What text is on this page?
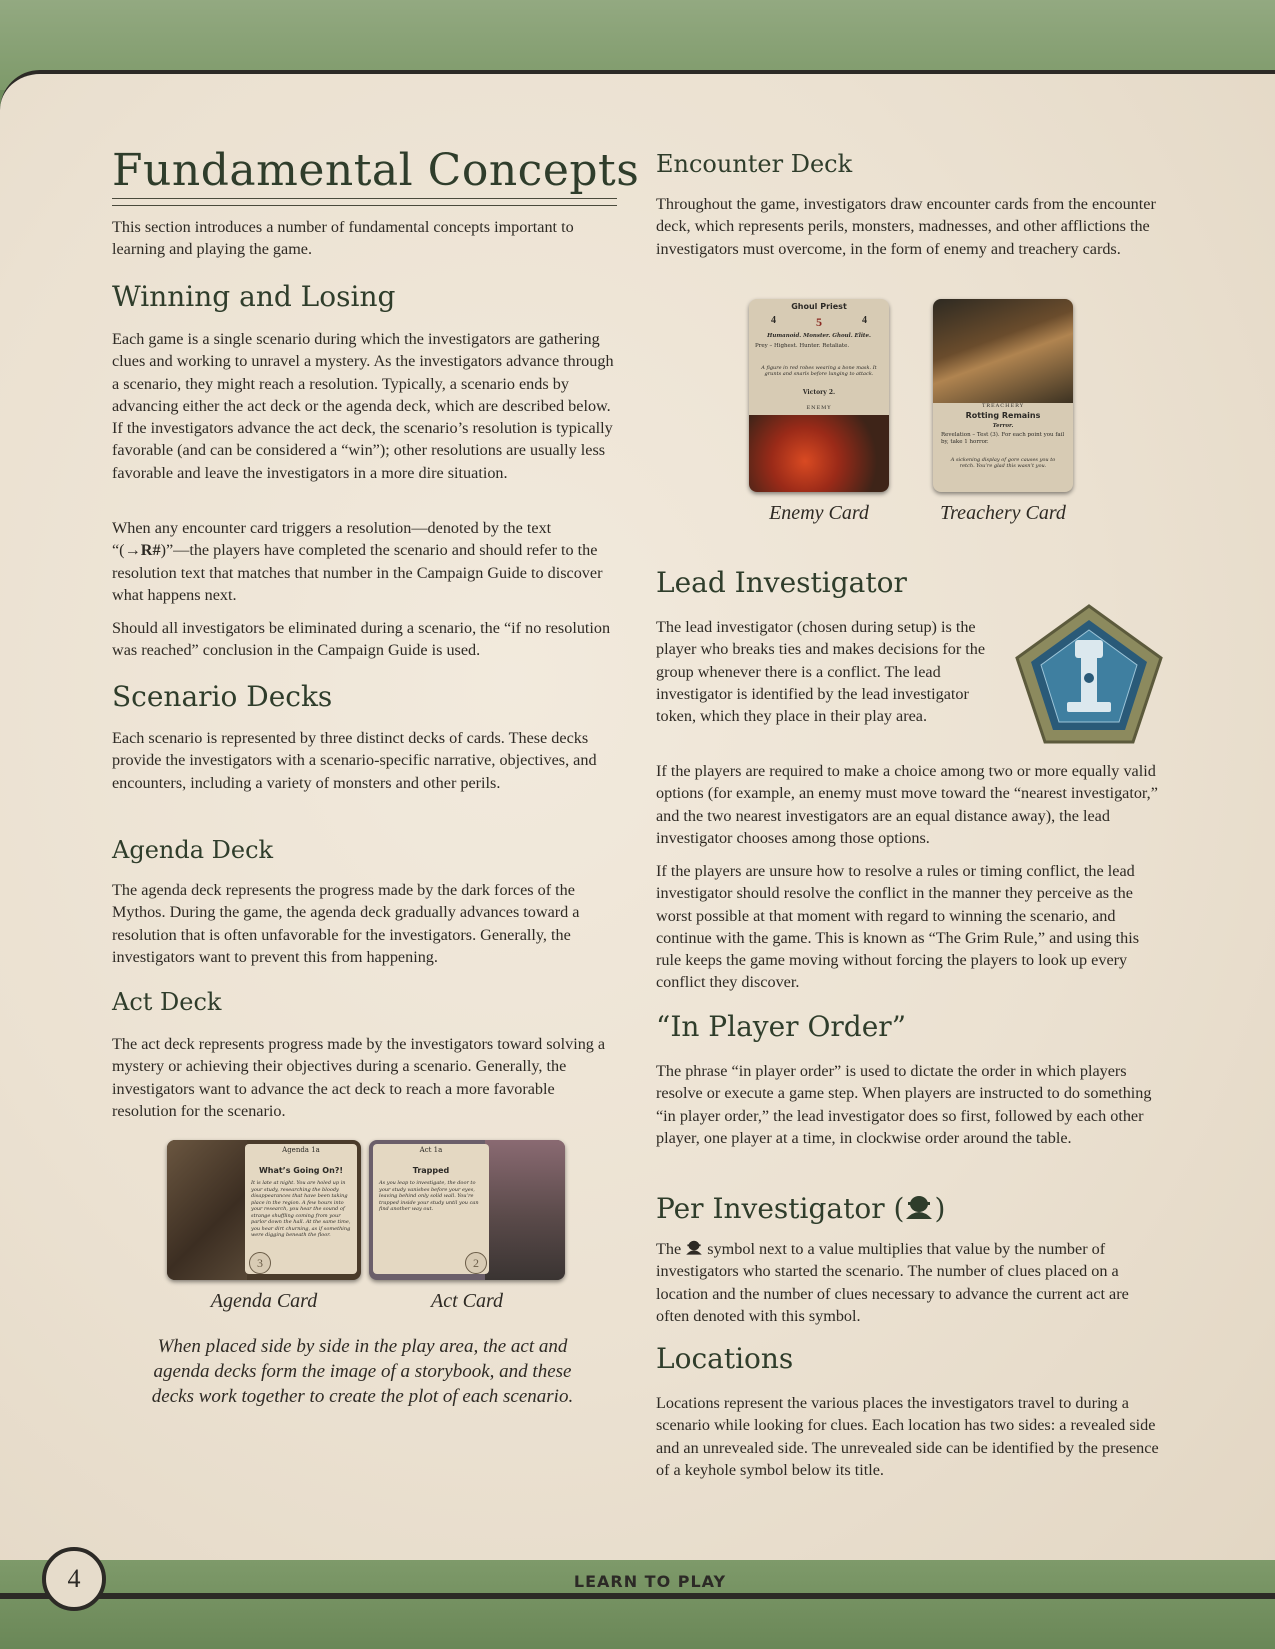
Fundamental Concepts

This section introduces a number of fundamental concepts important to learning and playing the game.

Winning and Losing

Each game is a single scenario during which the investigators are gathering clues and working to unravel a mystery. As the investigators advance through a scenario, they might reach a resolution. Typically, a scenario ends by advancing either the act deck or the agenda deck, which are described below. If the investigators advance the act deck, the scenario’s resolution is typically favorable (and can be considered a “win”); other resolutions are usually less favorable and leave the investigators in a more dire situation.

When any encounter card triggers a resolution—denoted by the text “(→R#)”—the players have completed the scenario and should refer to the resolution text that matches that number in the Campaign Guide to discover what happens next.

Should all investigators be eliminated during a scenario, the “if no resolution was reached” conclusion in the Campaign Guide is used.

Scenario Decks

Each scenario is represented by three distinct decks of cards. These decks provide the investigators with a scenario-specific narrative, objectives, and encounters, including a variety of monsters and other perils.

Agenda Deck

The agenda deck represents the progress made by the dark forces of the Mythos. During the game, the agenda deck gradually advances toward a resolution that is often unfavorable for the investigators. Generally, the investigators want to prevent this from happening.

Act Deck

The act deck represents progress made by the investigators toward solving a mystery or achieving their objectives during a scenario. Generally, the investigators want to advance the act deck to reach a more favorable resolution for the scenario.

Agenda 1a
What’s Going On?!
It is late at night. You are holed up in your study, researching the bloody disappearances that have been taking place in the region. A few hours into your research, you hear the sound of strange shuffling coming from your parlor down the hall. At the same time, you hear dirt churning, as if something were digging beneath the floor.
3
Act 1a
Trapped
As you leap to investigate, the door to your study vanishes before your eyes, leaving behind only solid wall. You’re trapped inside your study until you can find another way out.
2
Agenda Card	Act Card
When placed side by side in the play area, the act and agenda decks form the image of a storybook, and these decks work together to create the plot of each scenario.
Encounter Deck

Throughout the game, investigators draw encounter cards from the encounter deck, which represents perils, monsters, madnesses, and other afflictions the investigators must overcome, in the form of enemy and treachery cards.

Ghoul Priest
4	5	4
Humanoid. Monster. Ghoul. Elite.
Prey – Highest. Hunter. Retaliate.
A figure in red robes wearing a bone mask. It grunts and snarls before lunging to attack.
Victory 2.
ENEMY	TREACHERY
Rotting Remains
Terror.
Revelation – Test (3). For each point you fail by, take 1 horror.
A sickening display of gore causes you to retch. You’re glad this wasn’t you.
Enemy Card	Treachery Card
Lead Investigator

The lead investigator (chosen during setup) is the player who breaks ties and makes decisions for the group whenever there is a conflict. The lead investigator is identified by the lead investigator token, which they place in their play area.

If the players are required to make a choice among two or more equally valid options (for example, an enemy must move toward the “nearest investigator,” and the two nearest investigators are an equal distance away), the lead investigator chooses among those options.

If the players are unsure how to resolve a rules or timing conflict, the lead investigator should resolve the conflict in the manner they perceive as the worst possible at that moment with regard to winning the scenario, and continue with the game. This is known as “The Grim Rule,” and using this rule keeps the game moving without forcing the players to look up every conflict they discover.

“In Player Order”

The phrase “in player order” is used to dictate the order in which players resolve or execute a game step. When players are instructed to do something “in player order,” the lead investigator does so first, followed by each other player, one player at a time, in clockwise order around the table.

Per Investigator ( )

The symbol next to a value multiplies that value by the number of investigators who started the scenario. The number of clues placed on a location and the number of clues necessary to advance the current act are often denoted with this symbol.

Locations

Locations represent the various places the investigators travel to during a scenario while looking for clues. Each location has two sides: a revealed side and an unrevealed side. The unrevealed side can be identified by the presence of a keyhole symbol below its title.

4	LEARN TO PLAY
